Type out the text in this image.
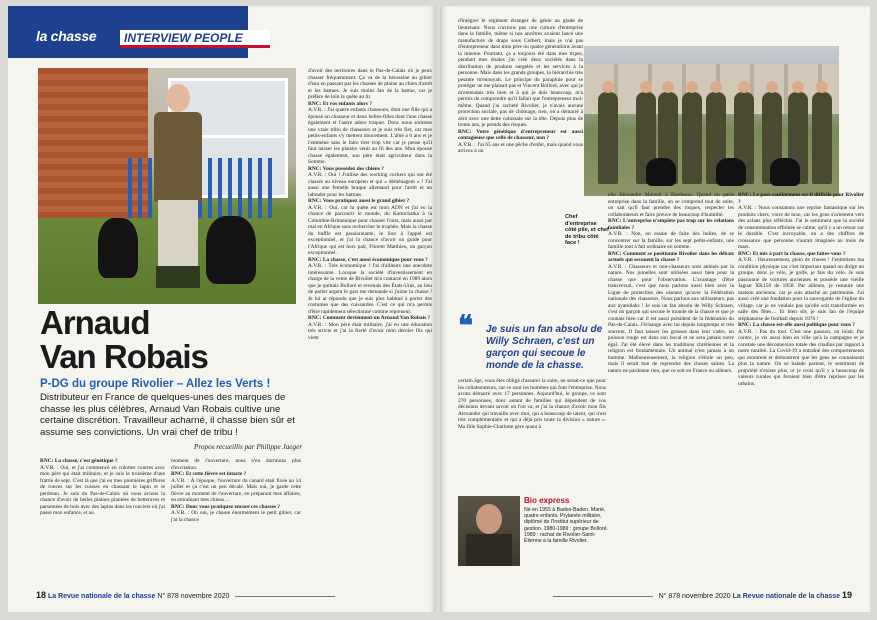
la chasse INTERVIEW PEOPLE
Arnaud
Van Robais
P-DG du groupe Rivolier – Allez les Verts !
Distributeur en France de quelques-unes des marques de chasse les plus célèbres, Arnaud Van Robais cultive une certaine discrétion. Travailleur acharné, il chasse bien sûr et assume ses convictions. Un vrai chef de tribu !
Propos recueillis par Philippe Jaeger

RNC: La chasse, c'est génétique ?
A.V.R. : Oui, et j'ai commencé en culottes courtes avec mon père qui était militaire, et je suis le troisième d'une fratrie de sept. C'est là que j'ai eu mes premières griffures de ronces sur les cuisses en chassant le lapin et le perdreau. Je suis du Pas-de-Calais où nous avions la chance d'avoir de belles plaines plantées de betteraves et parsemées de bois avec des lapins dans les ronciers où j'ai passé mon enfance, et au

moment de l'ouverture, nous n'en dormions plus d'excitation.

RNC: Et cette fièvre est intacte ?
A.V.R. : À l'époque, l'ouverture du canard était fixée au 14 juillet et ça c'est un peu décalé. Mais oui, je garde cette fièvre au moment de l'ouverture, en préparant mes affaires, en entraînant mes chiens…

RNC: Donc vous pratiquez encore ces chasses ?
A.V.R. : Oh oui, je chasse énormément le petit gibier, car j'ai la chance

d'avoir des territoires dans le Pas-de-Calais où je peux chasser fréquemment. Ça va de la bécassine au gibier d'eau en passant par les chasses de plaine au chien d'arrêt et les battues. Je suis moins fan de la battue, car je préfère de loin la quête au tir.

RNC: Et vos enfants alors ?
A.V.R. : J'ai quatre enfants chasseurs, dont une fille qui a épousé un chasseur et deux belles-filles dont l'une chasse également et l'autre adore traquer. Donc nous sommes une vraie tribu de chasseurs et je suis très fier, car mes petits-enfants s'y mettent doucement. L'aîné a 6 ans et je l'emmène sans le faire tirer trop vite car je pense qu'il faut laisser les plaisirs venir au fil des ans. Mon épouse chasse également, son père était agriculteur dans la Somme.

RNC: Vous possédez des chiens ?
A.V.R. : Oui ! J'utilise des working cockers qui ont été classés au niveau européen et qui « déménagent » ! J'ai aussi une femelle braque allemand pour l'arrêt et un labrador pour les battues.

RNC: Vous pratiquez aussi le grand gibier ?
A.V.R. : Oui, car la quête est mon ADN et j'ai eu la chance de parcourir le monde, du Kamtchatka à la Colombie-Britannique pour chasser l'ours, mais aussi par mal en Afrique sans rechercher le trophée. Mais la chasse du buffle est passionnante, le lion à l'appel est exceptionnel, et j'ai la chance d'avoir un guide pour l'Afrique qui est hors pair, Florent Matthieu, un garçon exceptionnel.

RNC: La chasse, c'est aussi économique pour vous ?
A.V.R. : Très économique ! J'ai d'ailleurs une anecdote intéressante. Lorsque la société d'investissement en charge de la vente de Rivolier m'a contacté en 1989 alors que je quittais Bolloré et revenais des États-Unis, au lieu de parler argent le gars me demande si j'aime la chasse ! Je lui ai répondu que je suis plus habitué à porter des costumes que des cuissardes. C'est ce qui m'a permis d'être rapidement sélectionné comme repreneur.

RNC: Comment deviennent-on Arnaud Van Robais ?
A.V.R. : Mon père était militaire, j'ai eu une éducation très stricte et j'ai la fierté d'avoir mon dernier fils qui vient

18 La Revue nationale de la chasse N° 878 novembre 2020

d'intégrer le régiment étranger de génie au grade de lieutenant. Nous n'avions pas une culture d'entreprise dans la famille, même si nos ancêtres avaient lancé une manufacture de draps sous Colbert, mais je n'ai pas d'entrepreneur dans mon père ou quatre générations avant la mienne. Pourtant, ça a toujours été dans mes tripes, pendant mes études j'ai créé deux sociétés dans la distribution de produits surgelés et les services à la personne. Mais dans les grands groupes, la hiérarchie très pesante m'ennuyait. Le principe du parapluie pour se protéger ne me plaisait pas et Vincent Bolloré, avec qui je m'entendais très bien et à qui je dois beaucoup, m'a permis de comprendre qu'il fallait que l'entrepreneur moi-même. Quand j'ai racheté Rivolier, je n'avais aucune protection sociale, pas de chômage, rien, on a démarré à zéro avec une dette colossale sur la tête. Depuis plus de trente ans, je prends des risques.

RNC: Votre génétique d'entrepreneur est aussi contagieuse que celle de chasseur, non ?
A.V.R. : J'ai 65 ans et une pêche d'enfer, mais quand vous arrivez à un

Chef d'entreprise côté pile, et chef de tribu côté face !
❝	Je suis un fan absolu de Willy Schraen, c'est un garçon qui secoue le monde de la chasse.

certain âge, vous êtes obligé d'assurer la suite, ne serait-ce que pour les collaborateurs, car ce sont les hommes qui font l'entreprise. Nous avons démarré avec 17 personnes. Aujourd'hui, le groupe, ce sont 270 personnes, donc autant de familles qui dépendent de vos décisions devant savoir où l'on va, et j'ai la chance d'avoir mon fils Alexandre qui travaille avec moi, qui a beaucoup de talent, qui n'est très complémentaire et qui a déjà pris toute la division « nature ». Ma fille Sophie-Charlotte gère quant à

Bio express
Né en 1955 à Bades-Baden. Marié, quatre enfants. Prytanée militaire, diplômé de l'Institut supérieur de gestion. 1980-1989 : groupe Bolloré. 1989 : rachat de Rivolier-Saint-Étienne à la famille Rivolier.

elle Alexandre Mareuil à Bordeaux. Quand on parle entreprise dans la famille, on se comprend tout de suite, on sait qu'il faut prendre des risques, respecter les collaborateurs et faire preuve de beaucoup d'humilité.

RNC: L'entreprise n'empiète pas trop sur les relations familiales ?
A.V.R. : Non, on essaie de faire des bulles, de se concentrer sur la famille, sur les sept petits-enfants, une famille tout à fait ordinaire en somme.

RNC: Comment se positionne Rivolier dans les débats actuels qui secouent la chasse ?
A.V.R. : Chasseurs et non-chasseurs sont animés par la nature. Nos jumelles sont utilisées aussi bien pour la chasse que pour l'observation. L'avantage d'être transversal, c'est que nous parlons aussi bien avec la Ligue de protection des oiseaux qu'avec la Fédération nationale des chasseurs. Nous parlons aux utilisateurs, pas aux ayatollahs ! Je suis un fan absolu de Willy Schraen, c'est un garçon qui secoue le monde de la chasse et que je connais bien car il est aussi président de la fédération du Pas-de-Calais. J'échange avec lui depuis longtemps et très souvent. Il faut laisser les grosses dans leur cadre, un poisson rouge est dans son bocal et ne sera jamais notre égal. J'ai été élevé dans les traditions chrétiennes et la religion est fondamentale. Un animal n'est jamais à un homme. Malheureusement, la religion s'étiole un peu, mais il serait bon de reprendre des choses saines. La nature ne pardonne rien, que ce soit en France ou ailleurs.

RNC: Le post-confinement est-il difficile pour Rivolier ?
A.V.R. : Nous constatons une reprise fantastique sur les produits chers, voire de luxe, car les gens s'orientent vers des achats plus réfléchis. J'ai le sentiment que la société de consommation effrénée se calme, qu'il y a un retour sur le durable. C'est incroyable, on a des chiffres de croissance que personne n'aurait imaginés au mois de mars.

RNC: Et mis à part la chasse, que faites-vous ?
A.V.R. : Heureusement, plein de choses ! J'entretiens ma condition physique car c'est important quand on dirige un groupe, donc je vélo, je golfe, je fais du vélo. Je suis passionné de voitures anciennes et possède une vieille Jaguar XK150 de 1958. Par ailleurs, je restaure une maison ancienne, car je suis attaché au patrimoine. J'ai aussi créé une fondation pour la sauvegarde de l'église du village, car je ne voulais pas qu'elle soit transformée en salle des fêtes… Et bien sûr, je suis fan de l'équipe stéphanoise de football depuis 1976 !

RNC: La chasse est-elle aussi politique pour vous ?
A.V.R. : Pas du tout. C'est une passion, un loisir. Par contre, je vis aussi bien en ville qu'à la campagne et je constate une déconnexion totale des citadins par rapport à notre ruralité. La Covid-19 a entraîné des comportements qui montrent et démontrent que les gens ne connaissent plus la nature. On se balade partout, le sentiment de propriété n'existe plus, or je crois qu'il y a beaucoup de valeurs rurales qui feraient bien d'être reprises par les urbains.

N° 878 novembre 2020 La Revue nationale de la chasse 19
